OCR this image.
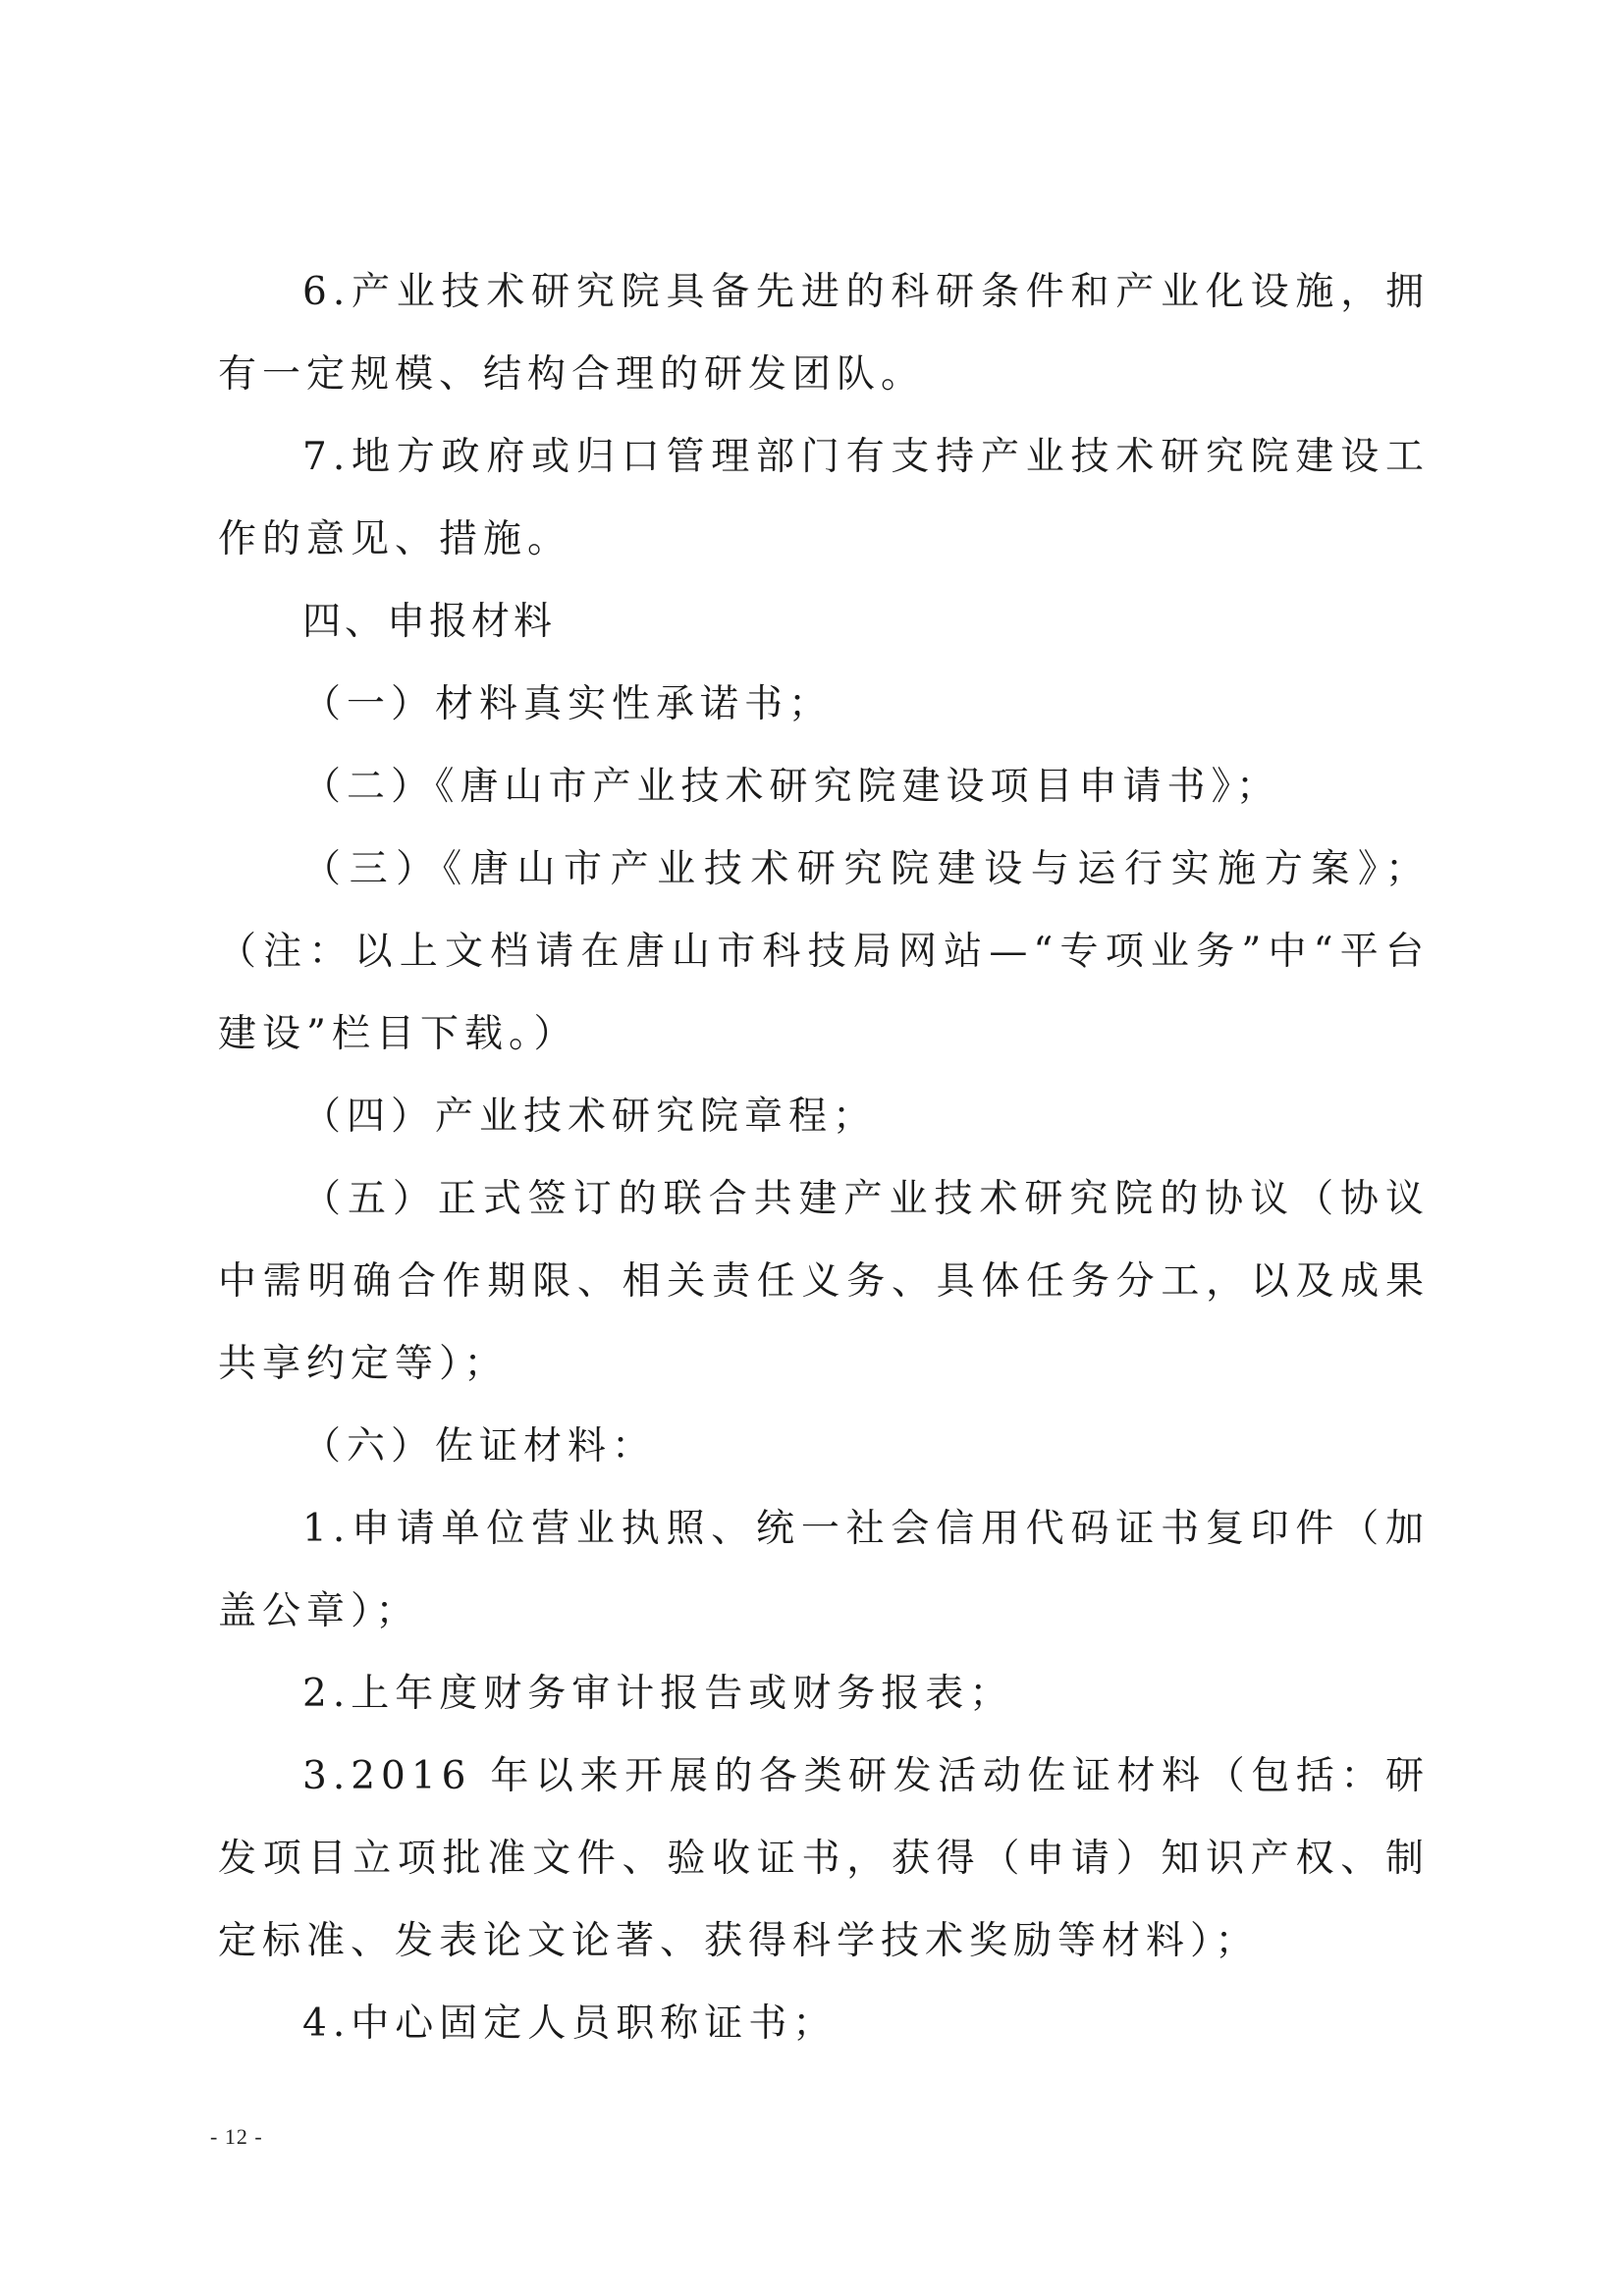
6.产业技术研究院具备先进的科研条件和产业化设施，拥有一定规模、结构合理的研发团队。

7.地方政府或归口管理部门有支持产业技术研究院建设工作的意见、措施。

四、申报材料

（一）材料真实性承诺书；

（二）《唐山市产业技术研究院建设项目申请书》；

（三）《唐山市产业技术研究院建设与运行实施方案》；（注：以上文档请在唐山市科技局网站—“专项业务”中“平台建设”栏目下载。）

（四）产业技术研究院章程；

（五）正式签订的联合共建产业技术研究院的协议（协议中需明确合作期限、相关责任义务、具体任务分工，以及成果共享约定等）；

（六）佐证材料：

1.申请单位营业执照、统一社会信用代码证书复印件（加盖公章）；

2.上年度财务审计报告或财务报表；

3.2016 年以来开展的各类研发活动佐证材料（包括：研发项目立项批准文件、验收证书，获得（申请）知识产权、制定标准、发表论文论著、获得科学技术奖励等材料）；

4.中心固定人员职称证书；

- 12 -
